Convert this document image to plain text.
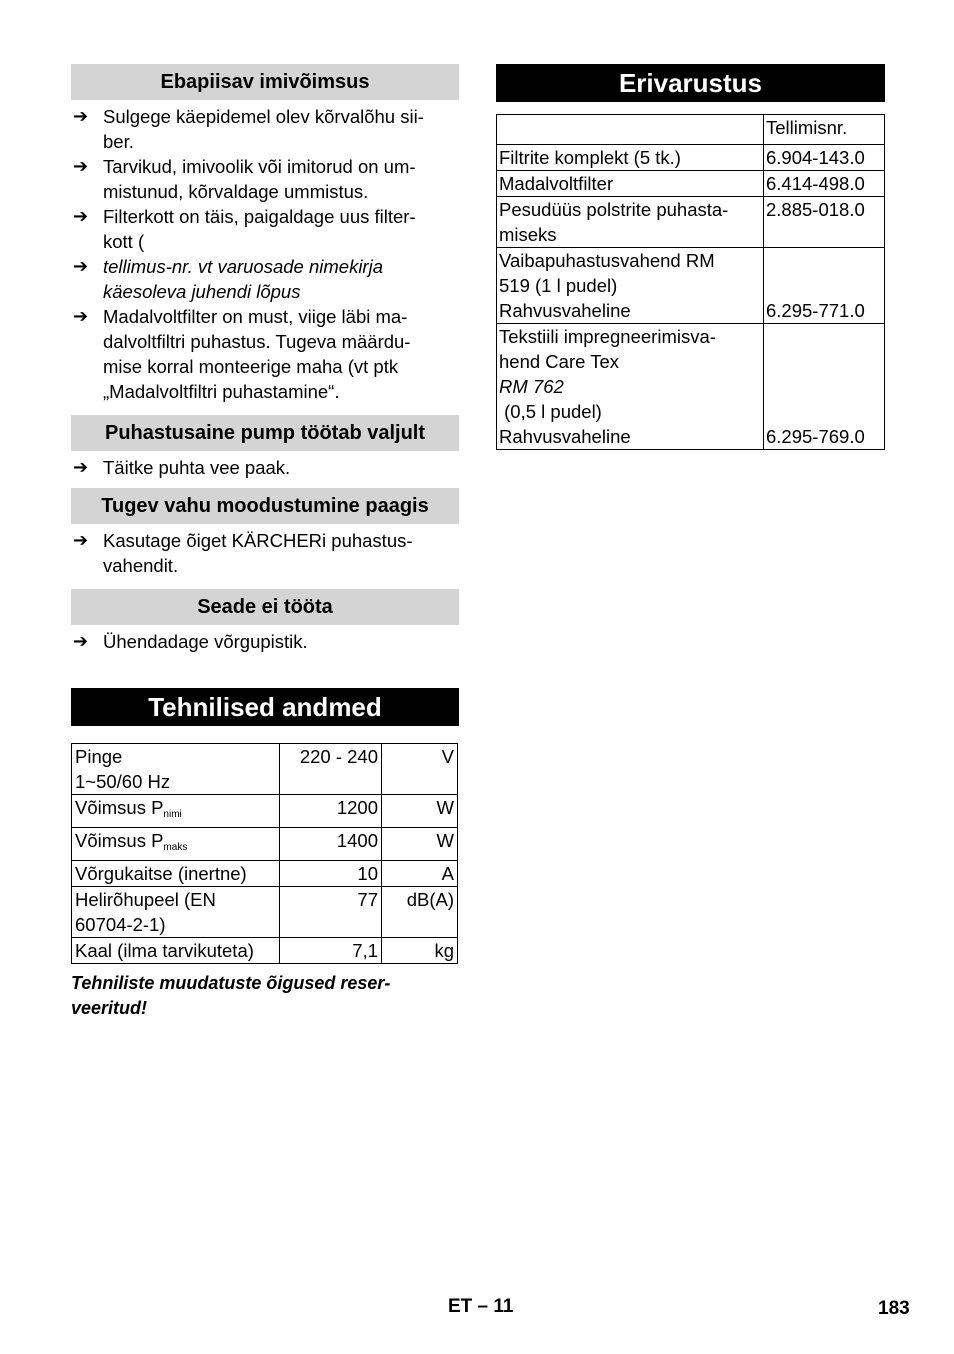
Ebapiisav imivõimsus
➔ Sulgege käepidemel olev kõrvalõhu sii-
ber.
➔ Tarvikud, imivoolik või imitorud on um-
mistunud, kõrvaldage ummistus.
➔ Filterkott on täis, paigaldage uus filter-
kott (
➔ tellimus-nr. vt varuosade nimekirja
käesoleva juhendi lõpus
➔ Madalvoltfilter on must, viige läbi ma-
dalvoltfiltri puhastus. Tugeva määrdu-
mise korral monteerige maha (vt ptk
„Madalvoltfiltri puhastamine“.
Puhastusaine pump töötab valjult
➔ Täitke puhta vee paak.
Tugev vahu moodustumine paagis
➔ Kasutage õiget KÄRCHERi puhastus-
vahendit.
Seade ei tööta
➔ Ühendadage võrgupistik.
Tehnilised andmed
Pinge
1~50/60 Hz	220 - 240	V
Võimsus $P_{nimi}$	1200	W
Võimsus $P_{maks}$	1400	W
Võrgukaitse (inertne)	10	A
Helirõhupeel (EN
60704-2-1)	77	dB(A)
Kaal (ilma tarvikuteta)	7,1	kg
Tehniliste muudatuste õigused reser-
veeritud!
Erivarustus
	Tellimisnr.

Filtrite komplekt (5 tk.)	6.904-143.0

Madalvoltfilter	6.414-498.0

Pesudüüs polstrite puhasta-
miseks	2.885-018.0

Vaibapuhastusvahend RM
519 (1 l pudel)
Rahvusvaheline	6.295-771.0

Tekstiili impregneerimisva-
hend Care Tex
RM 762
(0,5 l pudel)
Rahvusvaheline	6.295-769.0
ET – 11	183
